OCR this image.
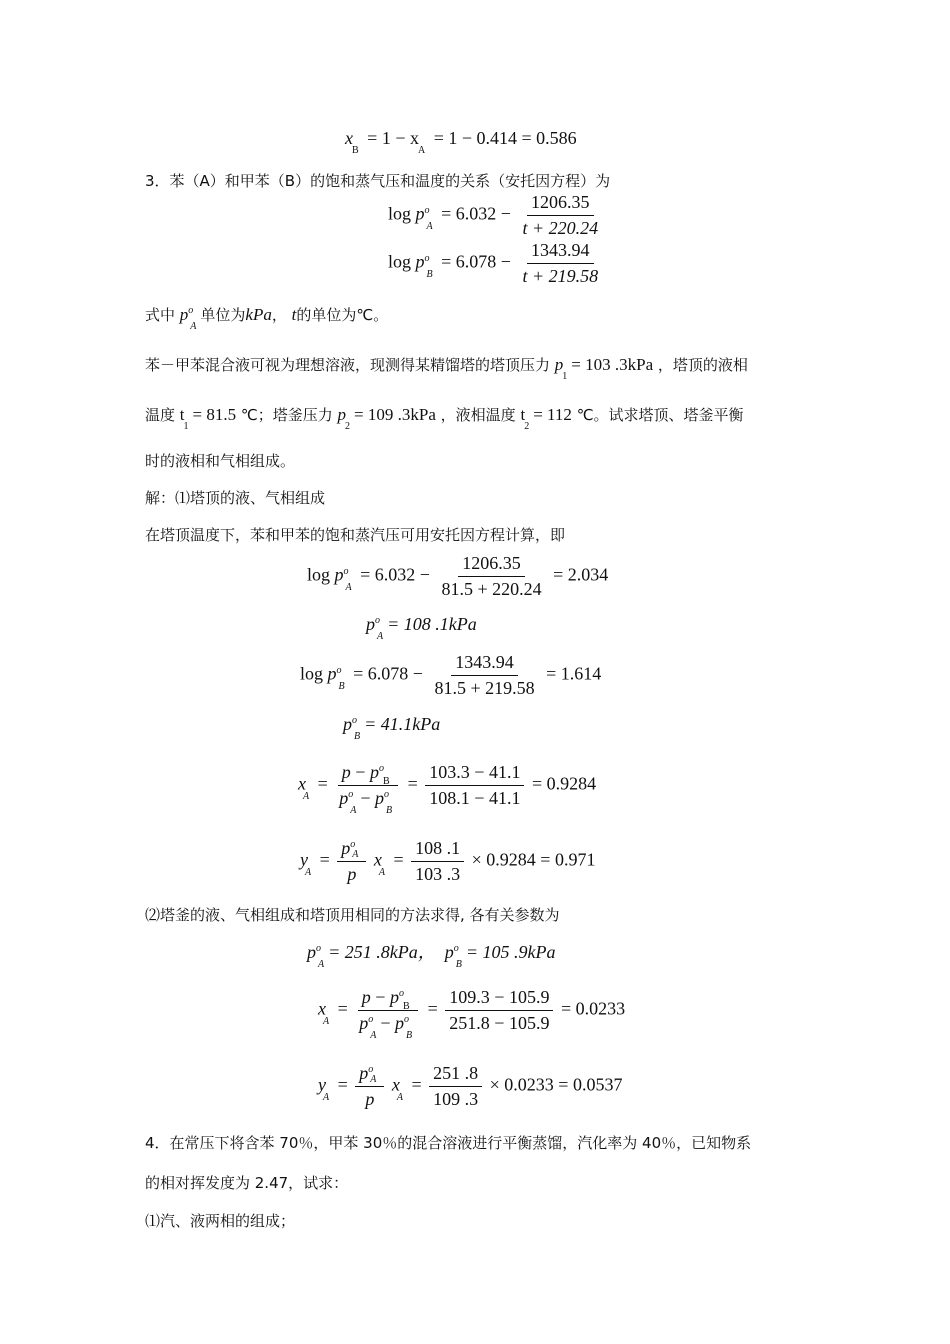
$x_B = 1 - x_A = 1 - 0.414 = 0.586$
3．苯（A）和甲苯（B）的饱和蒸气压和温度的关系（安托因方程）为
$\log p^o_A = 6.032 - \frac{1206.35}{t + 220.24}$
$\log p^o_B = 6.078 - \frac{1343.94}{t + 219.58}$
式中 $p^o_A$单位为kPa， t的单位为℃。
苯－甲苯混合液可视为理想溶液，现测得某精馏塔的塔顶压力 $p_1= 103$ .3kPa ，塔顶的液相
温度 $t_1= 81.5$ ℃；塔釜压力 $p_2= 109$ .3kPa ，液相温度 $t_2= 112$ ℃。试求塔顶、塔釜平衡
时的液相和气相组成。
解：⑴塔顶的液、气相组成
在塔顶温度下，苯和甲苯的饱和蒸汽压可用安托因方程计算，即
$\log p^o_A = 6.032 - \frac{1206.35}{81.5 + 220.24} = 2.034$
$p^o_A= 108$ .1kPa
$\log p^o_B = 6.078 - \frac{1343.94}{81.5 + 219.58} = 1.614$
$p^o_B= 41.1kPa$
$x_A = \frac{p - p^o_B}{p^o_A- p^o_B} = \frac{103.3 - 41.1}{108.1 - 41.1} = 0.9284$
$y_A = \frac{p^oA}{p} x_A = \frac{108 .1}{103 .3} \times 0.9284 = 0.971$
⑵塔釜的液、气相组成和塔顶用相同的方法求得, 各有关参数为
$p^o_A= 251$ .8kPa， $p^o_B= 105$ .9kPa
$x_A = \frac{p - p^o_B}{p^o_A- p^o_B} = \frac{109.3 - 105.9}{251.8 - 105.9} = 0.0233$
$y_A = \frac{p^oA}{p} x_A = \frac{251 .8}{109 .3} \times 0.0233 = 0.0537$
4．在常压下将含苯 70％，甲苯 30％的混合溶液进行平衡蒸馏，汽化率为 40％，已知物系
的相对挥发度为 2.47，试求：
⑴汽、液两相的组成；
